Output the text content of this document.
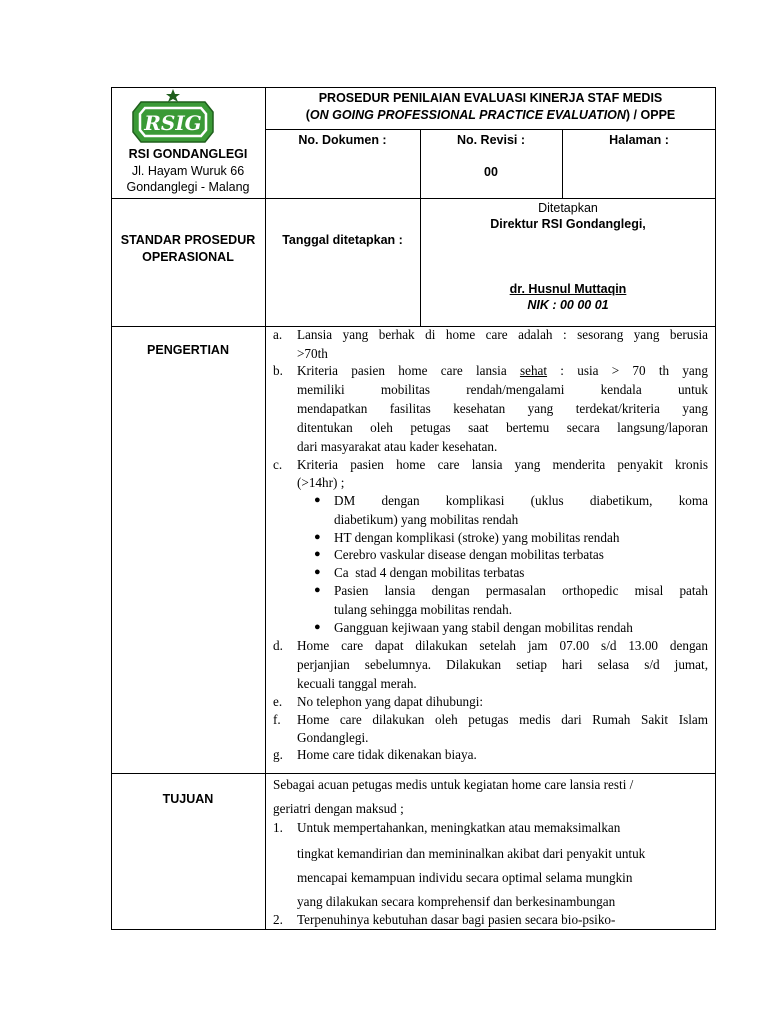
RSIG
RSI GONDANGLEGI
Jl. Hayam Wuruk 66
Gondanglegi - Malang
PROSEDUR PENILAIAN EVALUASI KINERJA STAF MEDIS
(ON GOING PROFESSIONAL PRACTICE EVALUATION) / OPPE
No. Dokumen :	No. Revisi :
00
Halaman :
STANDAR PROSEDUR
OPERASIONAL
Tanggal ditetapkan :
Ditetapkan
Direktur RSI Gondanglegi,
dr. Husnul Muttaqin
NIK : 00 00 01
PENGERTIAN
a. Lansia yang berhak di home care adalah : sesorang yang berusia
>70th
b. Kriteria pasien home care lansia sehat : usia > 70 th yang
memiliki mobilitas rendah/mengalami kendala untuk
mendapatkan fasilitas kesehatan yang terdekat/kriteria yang
ditentukan oleh petugas saat bertemu secara langsung/laporan
dari masyarakat atau kader kesehatan.
c. Kriteria pasien home care lansia yang menderita penyakit kronis
(>14hr) ;
● DM dengan komplikasi (uklus diabetikum, koma
diabetikum) yang mobilitas rendah
● HT dengan komplikasi (stroke) yang mobilitas rendah
● Cerebro vaskular disease dengan mobilitas terbatas
● Ca  stad 4 dengan mobilitas terbatas
● Pasien lansia dengan permasalan orthopedic misal patah
tulang sehingga mobilitas rendah.
● Gangguan kejiwaan yang stabil dengan mobilitas rendah
d. Home care dapat dilakukan setelah jam 07.00 s/d 13.00 dengan
perjanjian sebelumnya. Dilakukan setiap hari selasa s/d jumat,
kecuali tanggal merah.
e. No telephon yang dapat dihubungi:
f. Home care dilakukan oleh petugas medis dari Rumah Sakit Islam
Gondanglegi.
g. Home care tidak dikenakan biaya.
TUJUAN
Sebagai acuan petugas medis untuk kegiatan home care lansia resti /
geriatri dengan maksud ;
1. Untuk mempertahankan, meningkatkan atau memaksimalkan
tingkat kemandirian dan memininalkan akibat dari penyakit untuk
mencapai kemampuan individu secara optimal selama mungkin
yang dilakukan secara komprehensif dan berkesinambungan
2. Terpenuhinya kebutuhan dasar bagi pasien secara bio-psiko-
